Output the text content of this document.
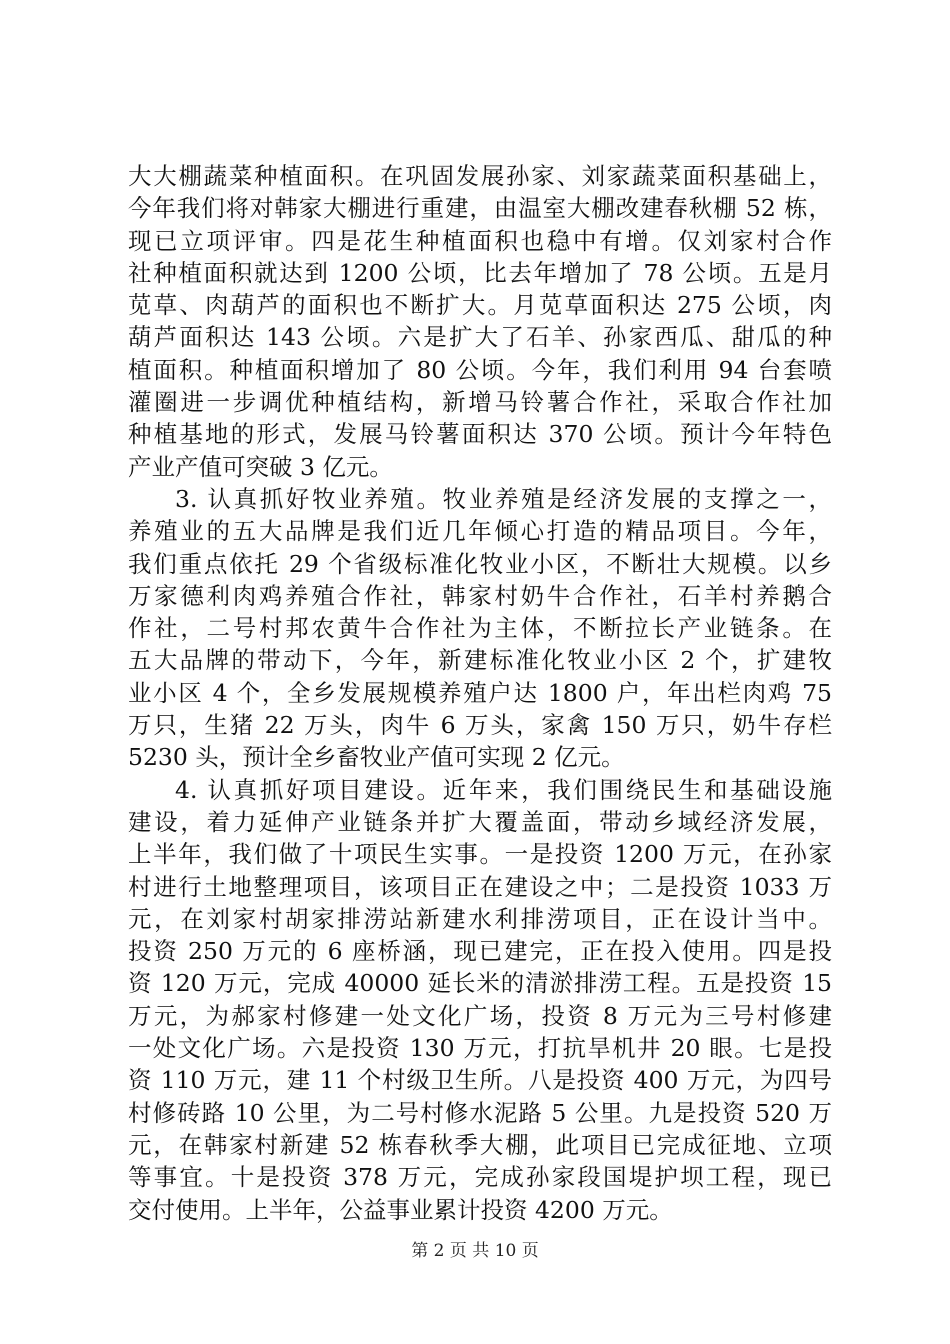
大大棚蔬菜种植面积。在巩固发展孙家、刘家蔬菜面积基础上，
今年我们将对韩家大棚进行重建，由温室大棚改建春秋棚 52 栋，
现已立项评审。四是花生种植面积也稳中有增。仅刘家村合作
社种植面积就达到 1200 公顷，比去年增加了 78 公顷。五是月
苋草、肉葫芦的面积也不断扩大。月苋草面积达 275 公顷，肉
葫芦面积达 143 公顷。六是扩大了石羊、孙家西瓜、甜瓜的种
植面积。种植面积增加了 80 公顷。今年，我们利用 94 台套喷
灌圈进一步调优种植结构，新增马铃薯合作社，采取合作社加
种植基地的形式，发展马铃薯面积达 370 公顷。预计今年特色
产业产值可突破 3 亿元。
3. 认真抓好牧业养殖。牧业养殖是经济发展的支撑之一，
养殖业的五大品牌是我们近几年倾心打造的精品项目。今年，
我们重点依托 29 个省级标准化牧业小区，不断壮大规模。以乡
万家德利肉鸡养殖合作社，韩家村奶牛合作社，石羊村养鹅合
作社，二号村邦农黄牛合作社为主体，不断拉长产业链条。在
五大品牌的带动下，今年，新建标准化牧业小区 2 个，扩建牧
业小区 4 个，全乡发展规模养殖户达 1800 户，年出栏肉鸡 75
万只，生猪 22 万头，肉牛 6 万头，家禽 150 万只，奶牛存栏
5230 头，预计全乡畜牧业产值可实现 2 亿元。
4. 认真抓好项目建设。近年来，我们围绕民生和基础设施
建设，着力延伸产业链条并扩大覆盖面，带动乡域经济发展，
上半年，我们做了十项民生实事。一是投资 1200 万元，在孙家
村进行土地整理项目，该项目正在建设之中；二是投资 1033 万
元，在刘家村胡家排涝站新建水利排涝项目，正在设计当中。
投资 250 万元的 6 座桥涵，现已建完，正在投入使用。四是投
资 120 万元，完成 40000 延长米的清淤排涝工程。五是投资 15
万元，为郝家村修建一处文化广场，投资 8 万元为三号村修建
一处文化广场。六是投资 130 万元，打抗旱机井 20 眼。七是投
资 110 万元，建 11 个村级卫生所。八是投资 400 万元，为四号
村修砖路 10 公里，为二号村修水泥路 5 公里。九是投资 520 万
元，在韩家村新建 52 栋春秋季大棚，此项目已完成征地、立项
等事宜。十是投资 378 万元，完成孙家段国堤护坝工程，现已
交付使用。上半年，公益事业累计投资 4200 万元。
第 2 页 共 10 页
